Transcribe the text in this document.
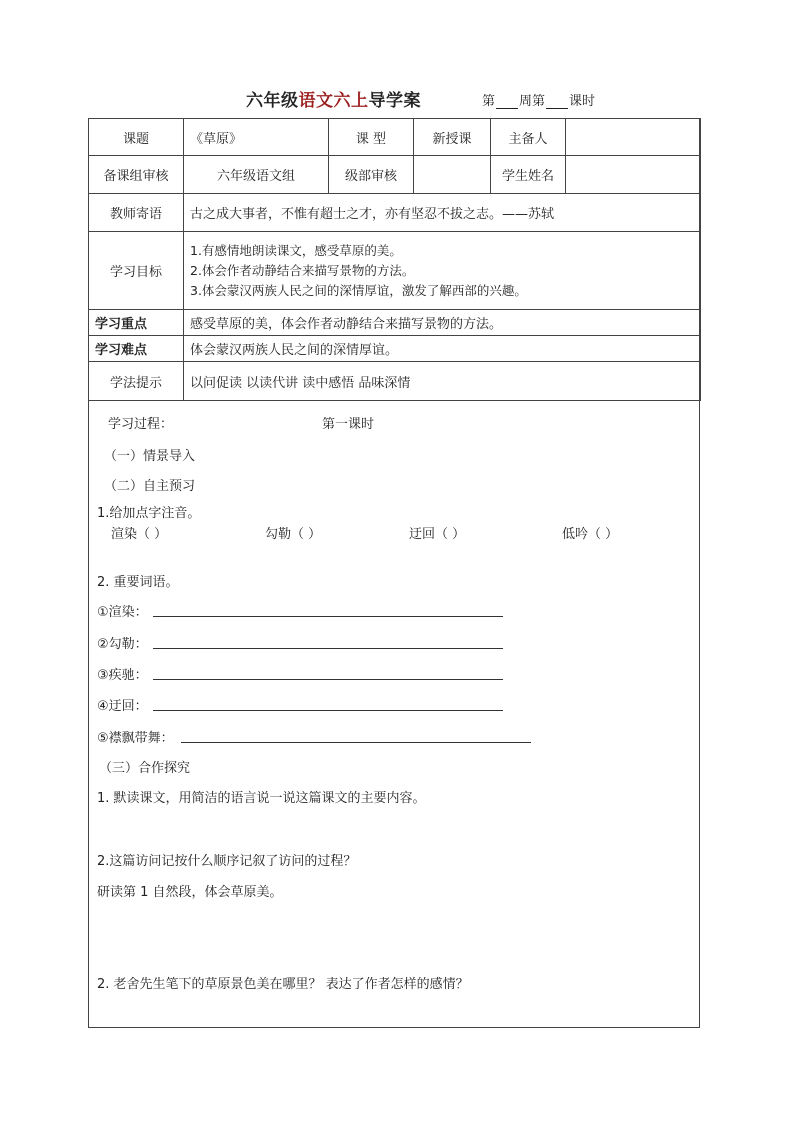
六年级语文六上导学案	第 周第 课时
课题	《草原》	课 型	新授课	主备人	
备课组审核	六年级语文组	级部审核		学生姓名	
教师寄语	古之成大事者，不惟有超士之才，亦有坚忍不拔之志。——苏轼				
学习目标	1.有感情地朗读课文，感受草原的美。
2.体会作者动静结合来描写景物的方法。
3.体会蒙汉两族人民之间的深情厚谊，激发了解西部的兴趣。				

学习重点	感受草原的美，体会作者动静结合来描写景物的方法。				
学习难点	体会蒙汉两族人民之间的深情厚谊。				
学法提示	以问促读 以读代讲 读中感悟 品味深情				
学习过程：	第一课时
（一）情景导入
（二）自主预习
1.给加点字注音。
渲染（ ）	勾勒（ ）	迂回（ ）	低吟（ ）
2. 重要词语。
①渲染：
②勾勒：
③疾驰：
④迂回：
⑤襟飘带舞：
（三）合作探究
1. 默读课文，用简洁的语言说一说这篇课文的主要内容。
2.这篇访问记按什么顺序记叙了访问的过程？
研读第 1 自然段，体会草原美。
2. 老舍先生笔下的草原景色美在哪里？ 表达了作者怎样的感情？
